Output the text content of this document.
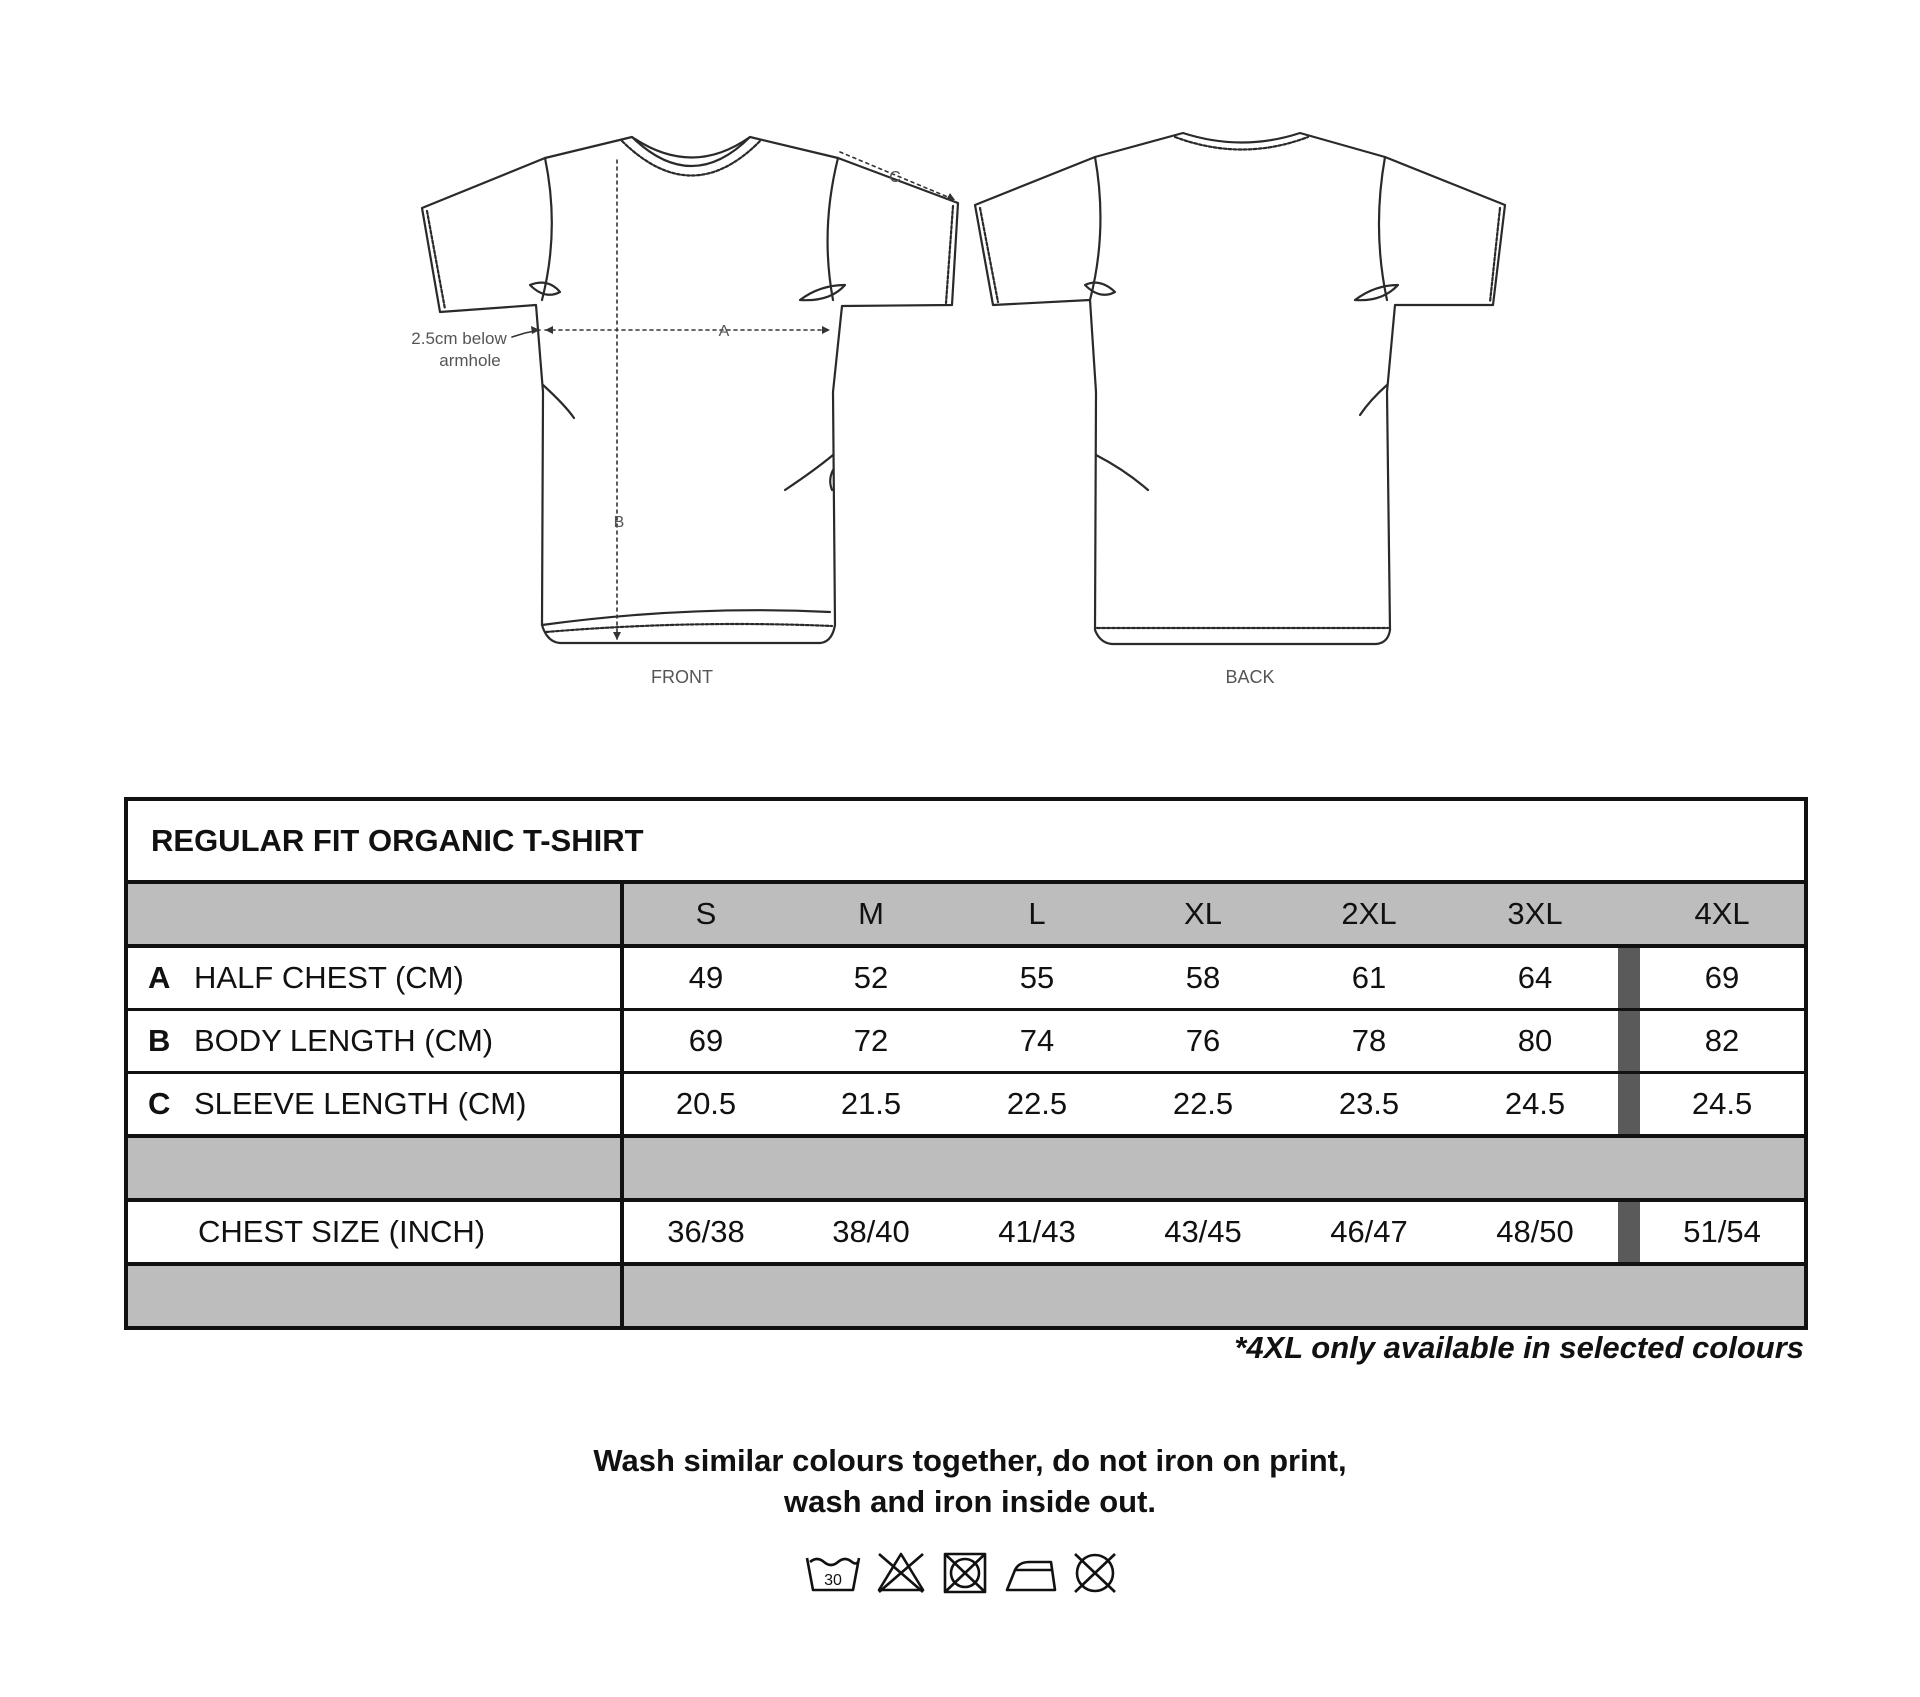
A
B
C
2.5cm below
armhole
FRONT	BACK
REGULAR FIT ORGANIC T-SHIRT								
	S	M	L	XL	2XL	3XL		4XL
A HALF CHEST (CM)	49	52	55	58	61	64		69
B BODY LENGTH (CM)	69	72	74	76	78	80		82
C SLEEVE LENGTH (CM)	20.5	21.5	22.5	22.5	23.5	24.5		24.5

CHEST SIZE (INCH)	36/38	38/40	41/43	43/45	46/47	48/50		51/54

*4XL only available in selected colours
Wash similar colours together, do not iron on print,
wash and iron inside out.
30
